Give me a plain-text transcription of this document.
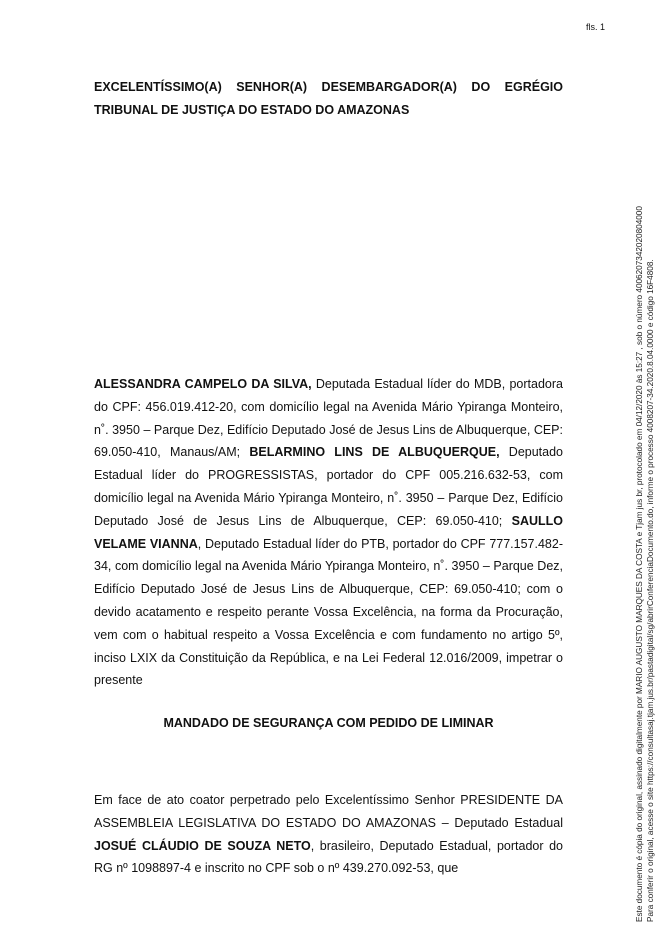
fls. 1
EXCELENTÍSSIMO(A) SENHOR(A) DESEMBARGADOR(A) DO EGRÉGIO
TRIBUNAL DE JUSTIÇA DO ESTADO DO AMAZONAS
ALESSANDRA CAMPELO DA SILVA, Deputada Estadual líder do MDB, portadora do CPF: 456.019.412-20, com domicílio legal na Avenida Mário Ypiranga Monteiro, n˚. 3950 – Parque Dez, Edifício Deputado José de Jesus Lins de Albuquerque, CEP: 69.050-410, Manaus/AM; BELARMINO LINS DE ALBUQUERQUE, Deputado Estadual líder do PROGRESSISTAS, portador do CPF 005.216.632-53, com domicílio legal na Avenida Mário Ypiranga Monteiro, n˚. 3950 – Parque Dez, Edifício Deputado José de Jesus Lins de Albuquerque, CEP: 69.050-410; SAULLO VELAME VIANNA, Deputado Estadual líder do PTB, portador do CPF 777.157.482-34, com domicílio legal na Avenida Mário Ypiranga Monteiro, n˚. 3950 – Parque Dez, Edifício Deputado José de Jesus Lins de Albuquerque, CEP: 69.050-410; com o devido acatamento e respeito perante Vossa Excelência, na forma da Procuração, vem com o habitual respeito a Vossa Excelência e com fundamento no artigo 5º, inciso LXIX da Constituição da República, e na Lei Federal 12.016/2009, impetrar o presente
MANDADO DE SEGURANÇA COM PEDIDO DE LIMINAR
Em face de ato coator perpetrado pelo Excelentíssimo Senhor PRESIDENTE DA ASSEMBLEIA LEGISLATIVA DO ESTADO DO AMAZONAS – Deputado Estadual JOSUÉ CLÁUDIO DE SOUZA NETO, brasileiro, Deputado Estadual, portador do RG nº 1098897-4 e inscrito no CPF sob o nº 439.270.092-53, que	Este documento é cópia do original, assinado digitalmente por MARIO AUGUSTO MARQUES DA COSTA e Tjam jus br, protocolado em 04/12/2020 às 15:27 , sob o número 4006207342020804000 Para conferir o original, acesse o site https://consultasaj.tjam.jus.br/pastadigital/sg/abrirConferenciaDocumento.do, informe o processo 4008207-34.2020.8.04.0000 e código 16F4808.
